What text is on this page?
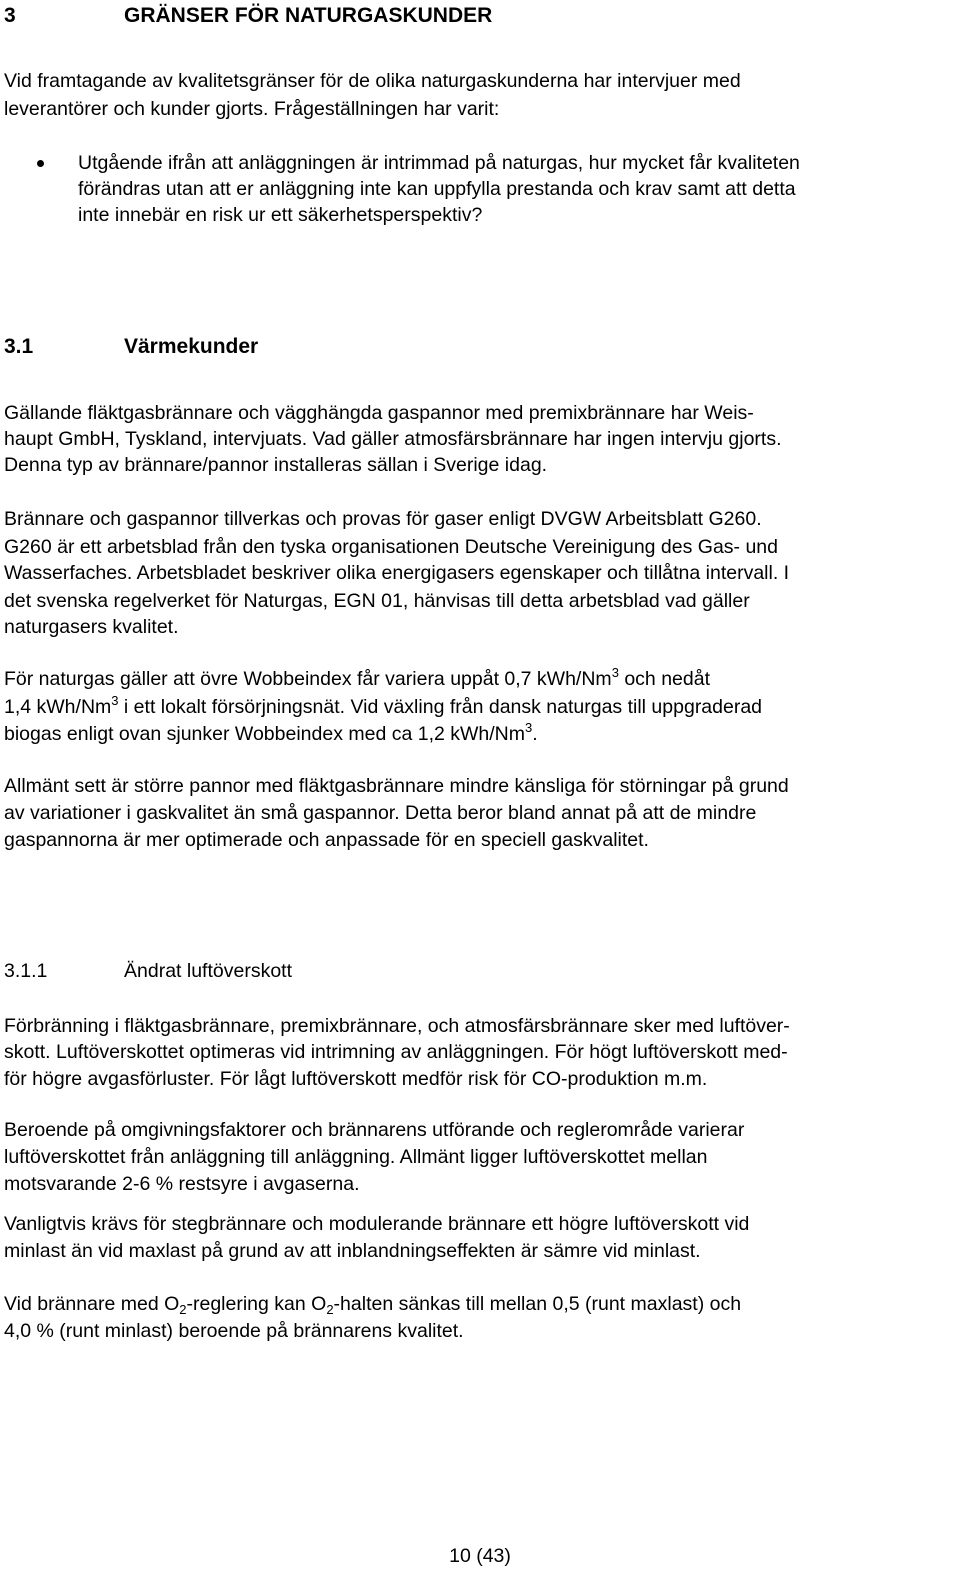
3	GRÄNSER FÖR NATURGASKUNDER
Vid framtagande av kvalitetsgränser för de olika naturgaskunderna har intervjuer med
leverantörer och kunder gjorts. Frågeställningen har varit:
Utgående ifrån att anläggningen är intrimmad på naturgas, hur mycket får kvaliteten
förändras utan att er anläggning inte kan uppfylla prestanda och krav samt att detta
inte innebär en risk ur ett säkerhetsperspektiv?
3.1	Värmekunder
Gällande fläktgasbrännare och vägghängda gaspannor med premixbrännare har Weis-
haupt GmbH, Tyskland, intervjuats. Vad gäller atmosfärsbrännare har ingen intervju gjorts.
Denna typ av brännare/pannor installeras sällan i Sverige idag.
Brännare och gaspannor tillverkas och provas för gaser enligt DVGW Arbeitsblatt G260.
G260 är ett arbetsblad från den tyska organisationen Deutsche Vereinigung des Gas- und
Wasserfaches. Arbetsbladet beskriver olika energigasers egenskaper och tillåtna intervall. I
det svenska regelverket för Naturgas, EGN 01, hänvisas till detta arbetsblad vad gäller
naturgasers kvalitet.
För naturgas gäller att övre Wobbeindex får variera uppåt 0,7 kWh/Nm$^3$ och nedåt
1,4 kWh/Nm$^3$ i ett lokalt försörjningsnät. Vid växling från dansk naturgas till uppgraderad
biogas enligt ovan sjunker Wobbeindex med ca 1,2 kWh/Nm$^3$.
Allmänt sett är större pannor med fläktgasbrännare mindre känsliga för störningar på grund
av variationer i gaskvalitet än små gaspannor. Detta beror bland annat på att de mindre
gaspannorna är mer optimerade och anpassade för en speciell gaskvalitet.
3.1.1	Ändrat luftöverskott
Förbränning i fläktgasbrännare, premixbrännare, och atmosfärsbrännare sker med luftöver-
skott. Luftöverskottet optimeras vid intrimning av anläggningen. För högt luftöverskott med-
för högre avgasförluster. För lågt luftöverskott medför risk för CO-produktion m.m.
Beroende på omgivningsfaktorer och brännarens utförande och reglerområde varierar
luftöverskottet från anläggning till anläggning. Allmänt ligger luftöverskottet mellan
motsvarande 2-6 % restsyre i avgaserna.
Vanligtvis krävs för stegbrännare och modulerande brännare ett högre luftöverskott vid
minlast än vid maxlast på grund av att inblandningseffekten är sämre vid minlast.
Vid brännare med $O_2$-reglering kan $O_2$-halten sänkas till mellan 0,5 (runt maxlast) och
4,0 % (runt minlast) beroende på brännarens kvalitet.
10 (43)
